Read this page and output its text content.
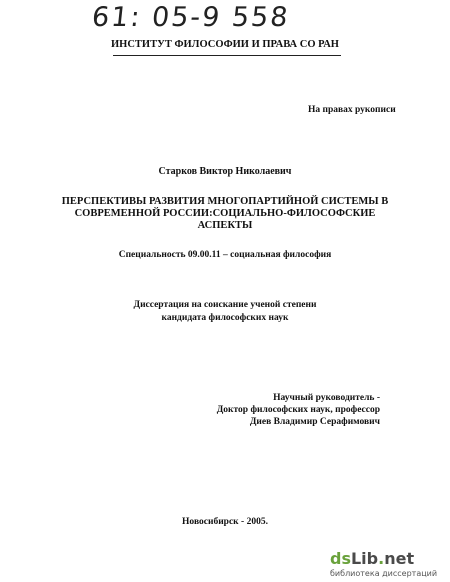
61: 05-9 558
ИНСТИТУТ ФИЛОСОФИИ И ПРАВА СО РАН
На правах рукописи
Старков Виктор Николаевич
ПЕРСПЕКТИВЫ РАЗВИТИЯ МНОГОПАРТИЙНОЙ СИСТЕМЫ В
СОВРЕМЕННОЙ РОССИИ:СОЦИАЛЬНО-ФИЛОСОФСКИЕ
АСПЕКТЫ
Специальность 09.00.11 – социальная философия
Диссертация на соискание ученой степени
кандидата философских наук
Научный руководитель -
Доктор философских наук, профессор
Диев Владимир Серафимович
Новосибирск - 2005.
dsLib.net
библиотека диссертаций
